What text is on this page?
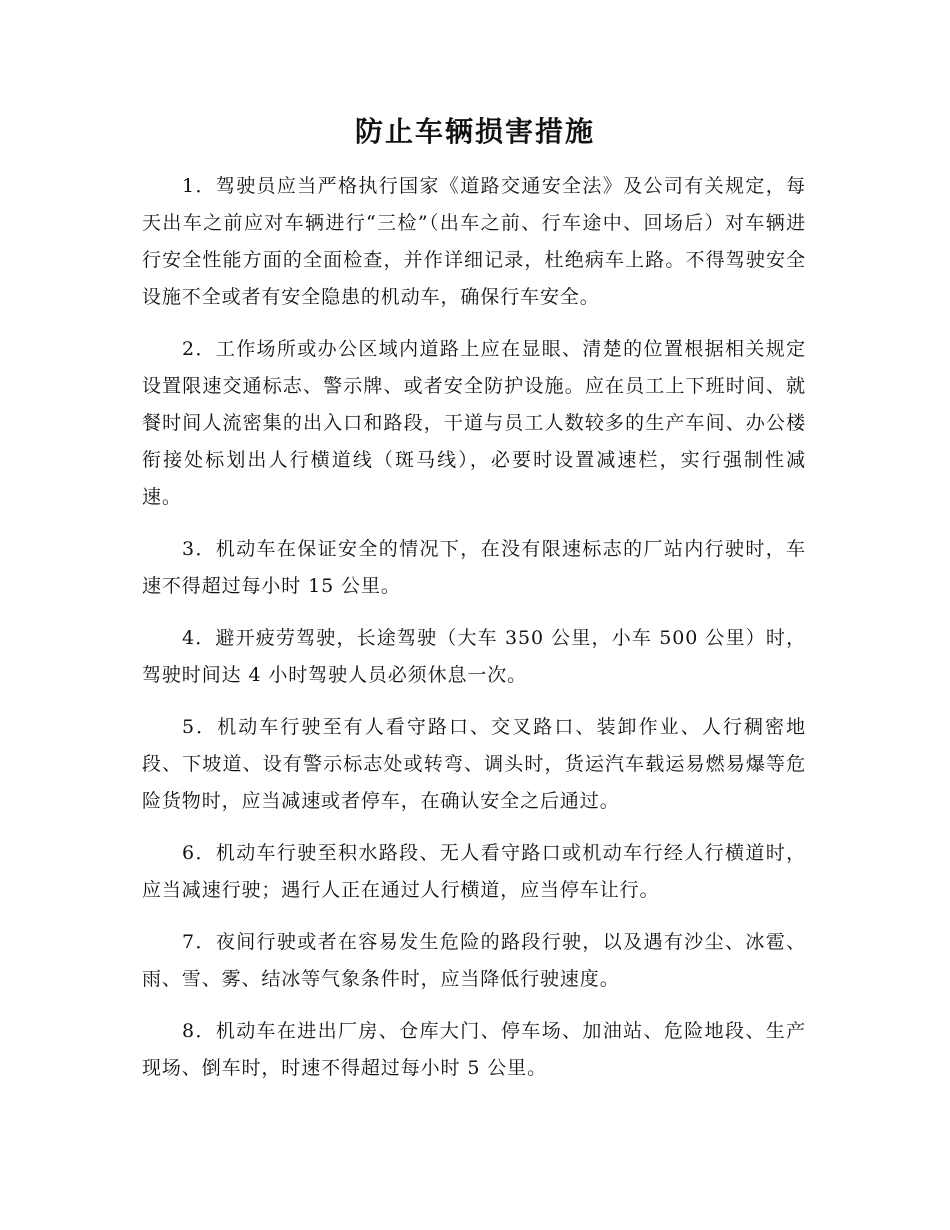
防止车辆损害措施

1．驾驶员应当严格执行国家《道路交通安全法》及公司有关规定，每天出车之前应对车辆进行“三检”（出车之前、行车途中、回场后）对车辆进行安全性能方面的全面检查，并作详细记录，杜绝病车上路。不得驾驶安全设施不全或者有安全隐患的机动车，确保行车安全。

2．工作场所或办公区域内道路上应在显眼、清楚的位置根据相关规定设置限速交通标志、警示牌、或者安全防护设施。应在员工上下班时间、就餐时间人流密集的出入口和路段，干道与员工人数较多的生产车间、办公楼衔接处标划出人行横道线（斑马线），必要时设置减速栏，实行强制性减速。

3．机动车在保证安全的情况下，在没有限速标志的厂站内行驶时，车速不得超过每小时 15 公里。

4．避开疲劳驾驶，长途驾驶（大车 350 公里，小车 500 公里）时，驾驶时间达 4 小时驾驶人员必须休息一次。

5．机动车行驶至有人看守路口、交叉路口、装卸作业、人行稠密地段、下坡道、设有警示标志处或转弯、调头时，货运汽车载运易燃易爆等危险货物时，应当减速或者停车，在确认安全之后通过。

6．机动车行驶至积水路段、无人看守路口或机动车行经人行横道时，应当减速行驶；遇行人正在通过人行横道，应当停车让行。

7．夜间行驶或者在容易发生危险的路段行驶，以及遇有沙尘、冰雹、雨、雪、雾、结冰等气象条件时，应当降低行驶速度。

8．机动车在进出厂房、仓库大门、停车场、加油站、危险地段、生产现场、倒车时，时速不得超过每小时 5 公里。
